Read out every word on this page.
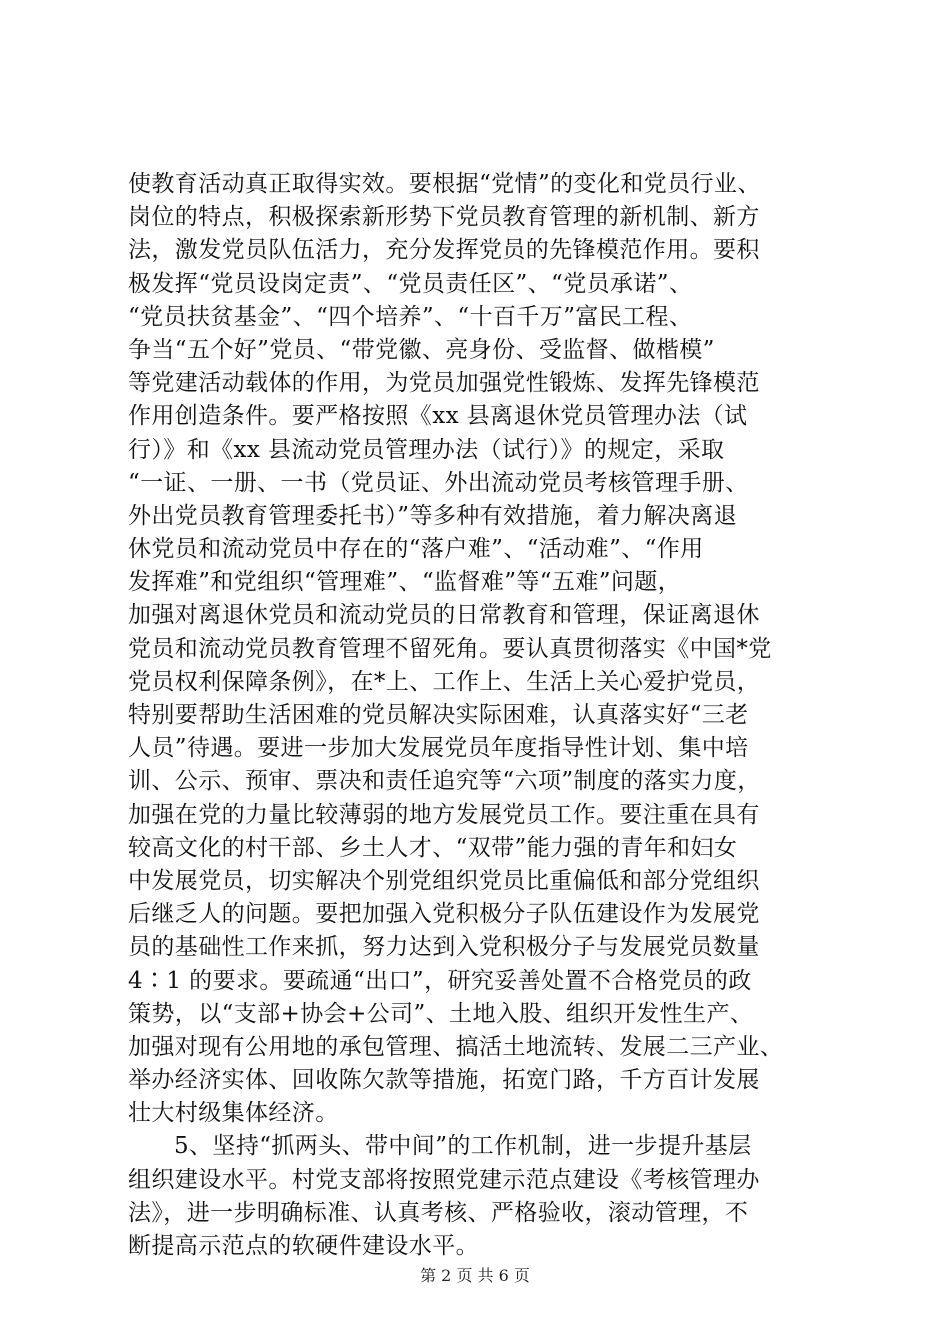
使教育活动真正取得实效。要根据“党情”的变化和党员行业、
岗位的特点，积极探索新形势下党员教育管理的新机制、新方
法，激发党员队伍活力，充分发挥党员的先锋模范作用。要积
极发挥“党员设岗定责”、“党员责任区”、“党员承诺”、
“党员扶贫基金”、“四个培养”、“十百千万”富民工程、
争当“五个好”党员、“带党徽、亮身份、受监督、做楷模”
等党建活动载体的作用，为党员加强党性锻炼、发挥先锋模范
作用创造条件。要严格按照《xx 县离退休党员管理办法（试
行）》和《xx 县流动党员管理办法（试行）》的规定，采取
“一证、一册、一书（党员证、外出流动党员考核管理手册、
外出党员教育管理委托书）”等多种有效措施，着力解决离退
休党员和流动党员中存在的“落户难”、“活动难”、“作用
发挥难”和党组织“管理难”、“监督难”等“五难”问题，
加强对离退休党员和流动党员的日常教育和管理，保证离退休
党员和流动党员教育管理不留死角。要认真贯彻落实《中国*党
党员权利保障条例》，在*上、工作上、生活上关心爱护党员，
特别要帮助生活困难的党员解决实际困难，认真落实好“三老
人员”待遇。要进一步加大发展党员年度指导性计划、集中培
训、公示、预审、票决和责任追究等“六项”制度的落实力度，
加强在党的力量比较薄弱的地方发展党员工作。要注重在具有
较高文化的村干部、乡土人才、“双带”能力强的青年和妇女
中发展党员，切实解决个别党组织党员比重偏低和部分党组织
后继乏人的问题。要把加强入党积极分子队伍建设作为发展党
员的基础性工作来抓，努力达到入党积极分子与发展党员数量
4∶1 的要求。要疏通“出口”，研究妥善处置不合格党员的政
策势，以“支部+协会+公司”、土地入股、组织开发性生产、
加强对现有公用地的承包管理、搞活土地流转、发展二三产业、
举办经济实体、回收陈欠款等措施，拓宽门路，千方百计发展
壮大村级集体经济。
5、坚持“抓两头、带中间”的工作机制，进一步提升基层
组织建设水平。村党支部将按照党建示范点建设《考核管理办
法》，进一步明确标准、认真考核、严格验收，滚动管理，不
断提高示范点的软硬件建设水平。
第 2 页 共 6 页
